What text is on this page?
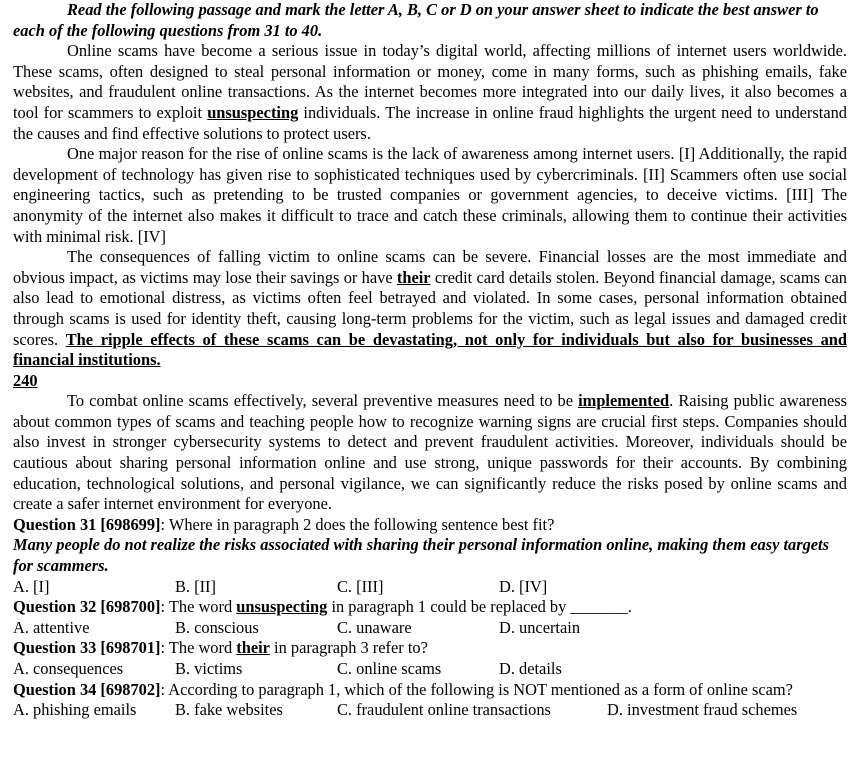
Read the following passage and mark the letter A, B, C or D on your answer sheet to indicate the best answer to each of the following questions from 31 to 40.

Online scams have become a serious issue in today’s digital world, affecting millions of internet users worldwide. These scams, often designed to steal personal information or money, come in many forms, such as phishing emails, fake websites, and fraudulent online transactions. As the internet becomes more integrated into our daily lives, it also becomes a tool for scammers to exploit unsuspecting individuals. The increase in online fraud highlights the urgent need to understand the causes and find effective solutions to protect users.

One major reason for the rise of online scams is the lack of awareness among internet users. [I] Additionally, the rapid development of technology has given rise to sophisticated techniques used by cybercriminals. [II] Scammers often use social engineering tactics, such as pretending to be trusted companies or government agencies, to deceive victims. [III] The anonymity of the internet also makes it difficult to trace and catch these criminals, allowing them to continue their activities with minimal risk. [IV]

The consequences of falling victim to online scams can be severe. Financial losses are the most immediate and obvious impact, as victims may lose their savings or have their credit card details stolen. Beyond financial damage, scams can also lead to emotional distress, as victims often feel betrayed and violated. In some cases, personal information obtained through scams is used for identity theft, causing long-term problems for the victim, such as legal issues and damaged credit scores. The ripple effects of these scams can be devastating, not only for individuals but also for businesses and financial institutions.

240

To combat online scams effectively, several preventive measures need to be implemented. Raising public awareness about common types of scams and teaching people how to recognize warning signs are crucial first steps. Companies should also invest in stronger cybersecurity systems to detect and prevent fraudulent activities. Moreover, individuals should be cautious about sharing personal information online and use strong, unique passwords for their accounts. By combining education, technological solutions, and personal vigilance, we can significantly reduce the risks posed by online scams and create a safer internet environment for everyone.

Question 31 [698699]: Where in paragraph 2 does the following sentence best fit?

Many people do not realize the risks associated with sharing their personal information online, making them easy targets for scammers.

A. [I]	B. [II]	C. [III]	D. [IV]

Question 32 [698700]: The word unsuspecting in paragraph 1 could be replaced by _______.

A. attentive	B. conscious	C. unaware	D. uncertain

Question 33 [698701]: The word their in paragraph 3 refer to?

A. consequences	B. victims	C. online scams	D. details

Question 34 [698702]: According to paragraph 1, which of the following is NOT mentioned as a form of online scam?

A. phishing emails	B. fake websites	C. fraudulent online transactions	D. investment fraud schemes
